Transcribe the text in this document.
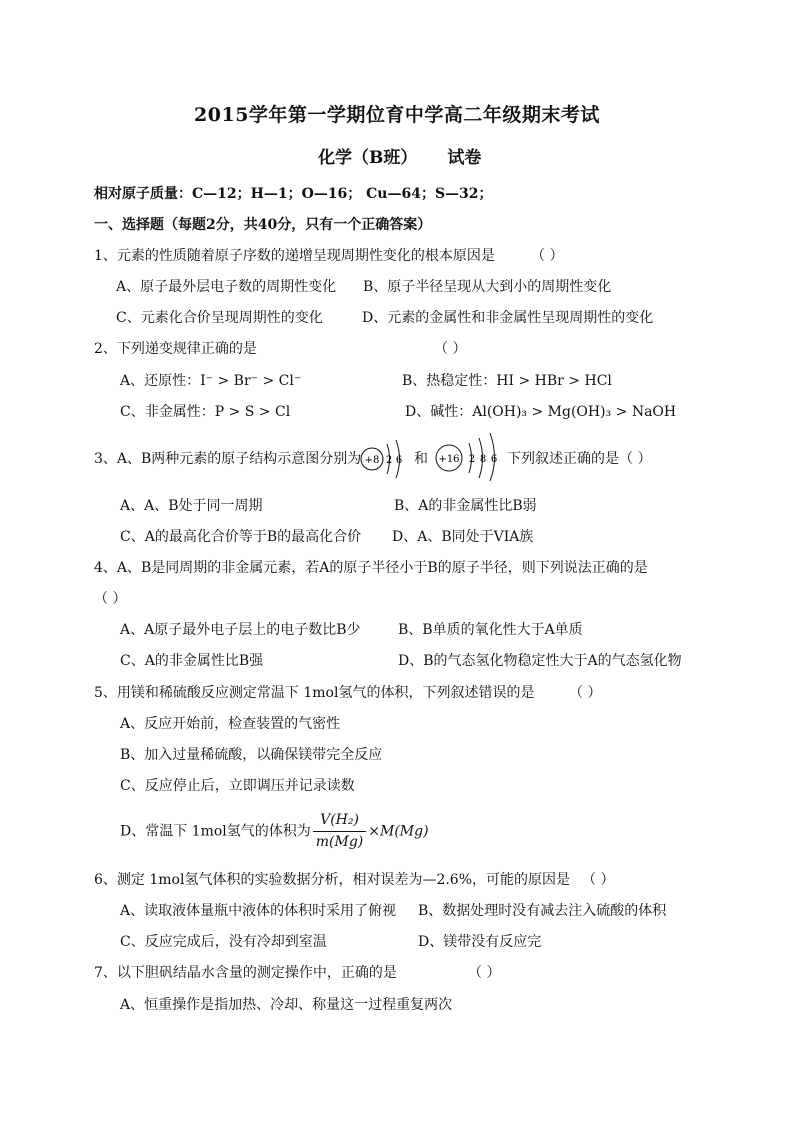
2015学年第一学期位育中学高二年级期末考试
化学（B班） 试卷
相对原子质量：C—12；H—1；O—16； Cu—64；S—32；
一、选择题（每题2分，共40分，只有一个正确答案）
1、元素的性质随着原子序数的递增呈现周期性变化的根本原因是	（ ）
A、原子最外层电子数的周期性变化 B、原子半径呈现从大到小的周期性变化
C、元素化合价呈现周期性的变化	D、元素的金属性和非金属性呈现周期性的变化
2、下列递变规律正确的是	（ ）
A、还原性：I⁻ > Br⁻ > Cl⁻	B、热稳定性：HI > HBr > HCl
C、非金属性：P > S > Cl	D、碱性：Al(OH)₃ > Mg(OH)₃ > NaOH
3、A、B两种元素的原子结构示意图分别为 +8 2 6 和 +16 2 8 6 下列叙述正确的是（ ）
A、A、B处于同一周期	B、A的非金属性比B弱
C、A的最高化合价等于B的最高化合价 D、A、B同处于VIA族
4、A、B是同周期的非金属元素，若A的原子半径小于B的原子半径，则下列说法正确的是
（ ）
A、A原子最外电子层上的电子数比B少	B、B单质的氧化性大于A单质
C、A的非金属性比B强	D、B的气态氢化物稳定性大于A的气态氢化物
5、用镁和稀硫酸反应测定常温下 1mol氢气的体积，下列叙述错误的是 （ ）
A、反应开始前，检查装置的气密性
B、加入过量稀硫酸，以确保镁带完全反应
C、反应停止后，立即调压并记录读数
D、常温下 1mol氢气的体积为 $\frac{\text{V(H₂)}}{m(Mg)} \times M(Mg)$
6、测定 1mol氢气体积的实验数据分析，相对误差为—2.6%，可能的原因是 （ ）
A、读取液体量瓶中液体的体积时采用了俯视 B、数据处理时没有减去注入硫酸的体积
C、反应完成后，没有冷却到室温	D、镁带没有反应完
7、以下胆矾结晶水含量的测定操作中，正确的是	（ ）
A、恒重操作是指加热、冷却、称量这一过程重复两次
